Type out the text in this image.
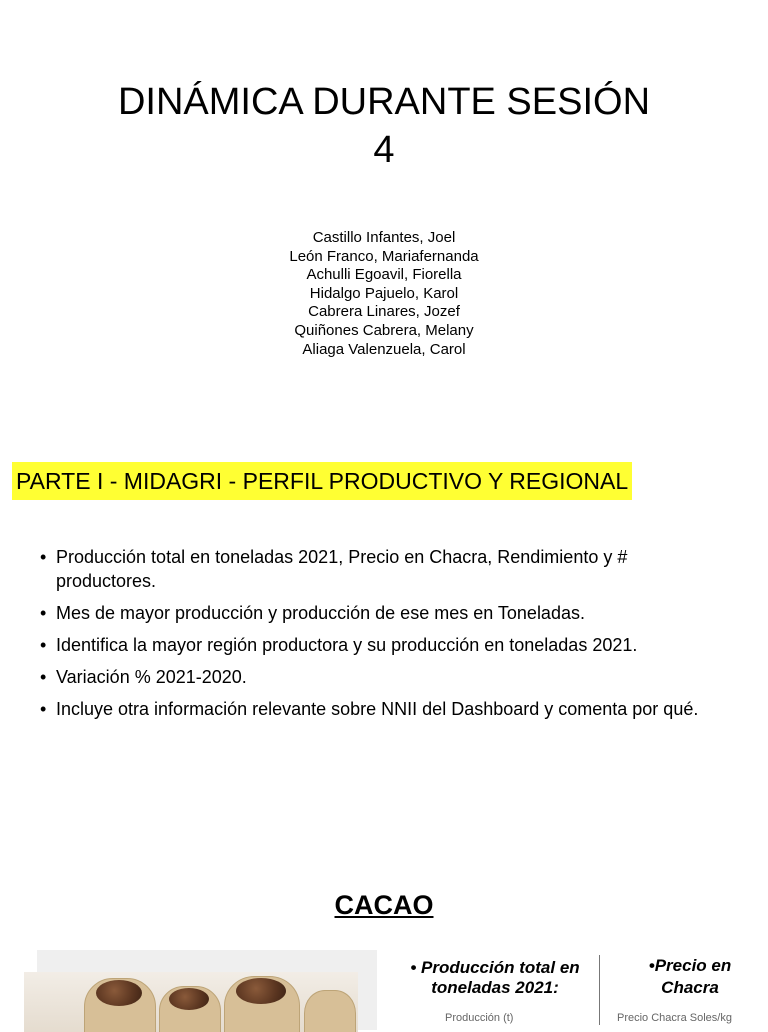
DINÁMICA DURANTE SESIÓN
4
Castillo Infantes, Joel
León Franco, Mariafernanda
Achulli Egoavil, Fiorella
Hidalgo Pajuelo, Karol
Cabrera Linares, Jozef
Quiñones Cabrera, Melany
Aliaga Valenzuela, Carol
PARTE I - MIDAGRI - PERFIL PRODUCTIVO Y REGIONAL
• Producción total en toneladas 2021, Precio en Chacra, Rendimiento y # productores.
• Mes de mayor producción y producción de ese mes en Toneladas.
• Identifica la mayor región productora y su producción en toneladas 2021.
• Variación % 2021-2020.
• Incluye otra información relevante sobre NNII del Dashboard y comenta por qué.
CACAO
• Producción total en
toneladas 2021:
Producción (t)
•Precio en
Chacra
Precio Chacra Soles/kg
